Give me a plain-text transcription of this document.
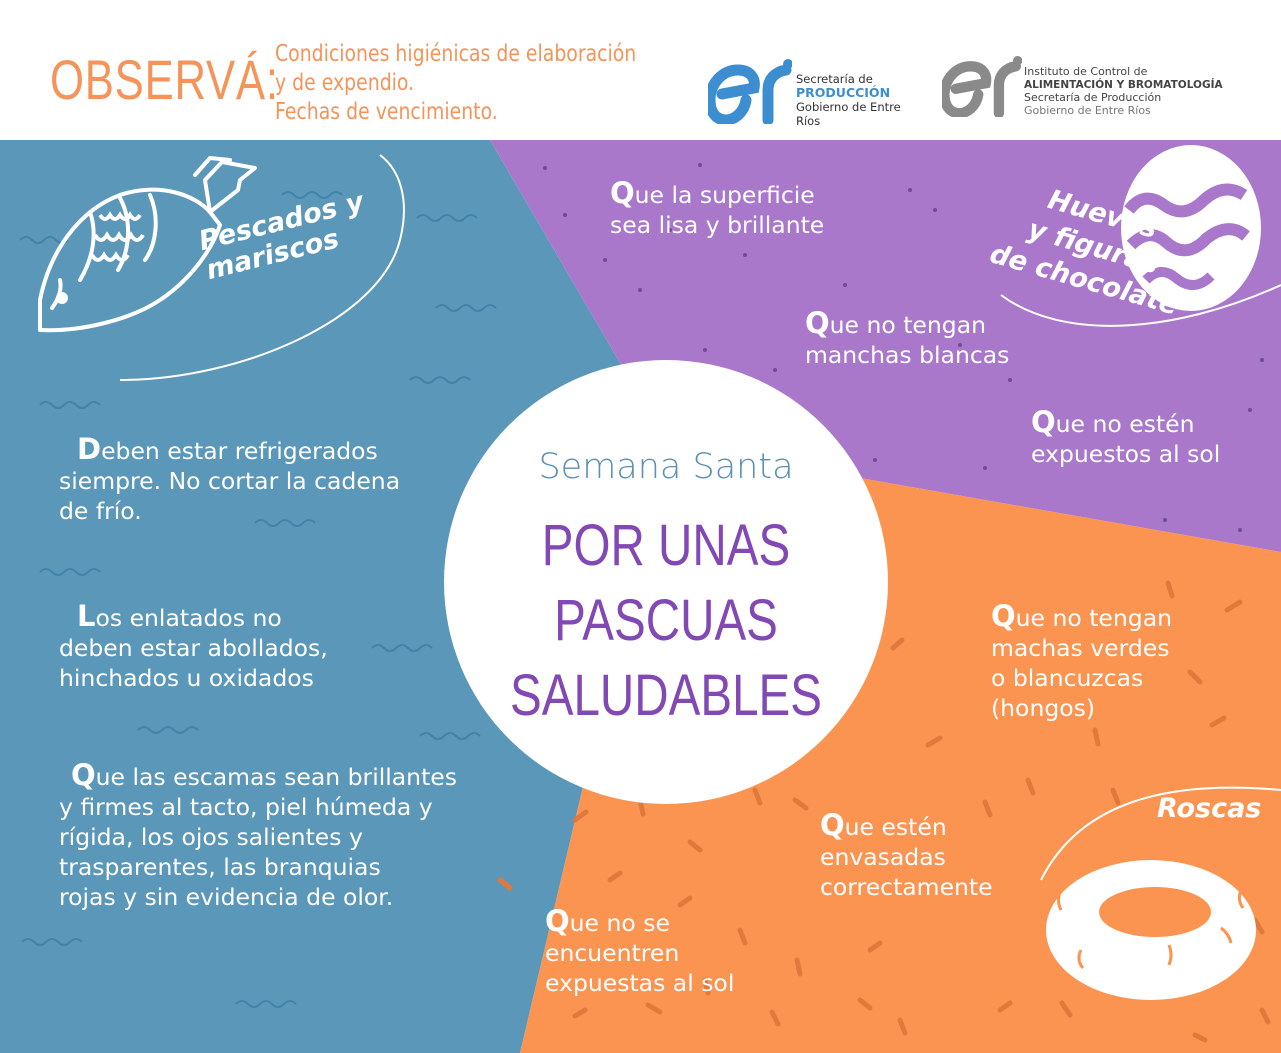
OBSERVÁ:
Condiciones higiénicas de elaboración
y de expendio.
Fechas de vencimiento.
Secretaría de
PRODUCCIÓN
Gobierno de Entre Ríos
Instituto de Control de
ALIMENTACIÓN Y BROMATOLOGÍA
Secretaría de Producción
Gobierno de Entre Ríos
Pescados y
mariscos
Huevos
y figuras
de chocolate
Roscas
Deben estar refrigerados
siempre. No cortar la cadena
de frío.
Los enlatados no
deben estar abollados,
hinchados u oxidados
Que las escamas sean brillantes
y firmes al tacto, piel húmeda y
rígida, los ojos salientes y
trasparentes, las branquias
rojas y sin evidencia de olor.
Que la superficie
sea lisa y brillante
Que no tengan
manchas blancas
Que no estén
expuestos al sol
Que no tengan
machas verdes
o blancuzcas
(hongos)
Que estén
envasadas
correctamente
Que no se
encuentren
expuestas al sol
Semana Santa
POR UNAS
PASCUAS
SALUDABLES
